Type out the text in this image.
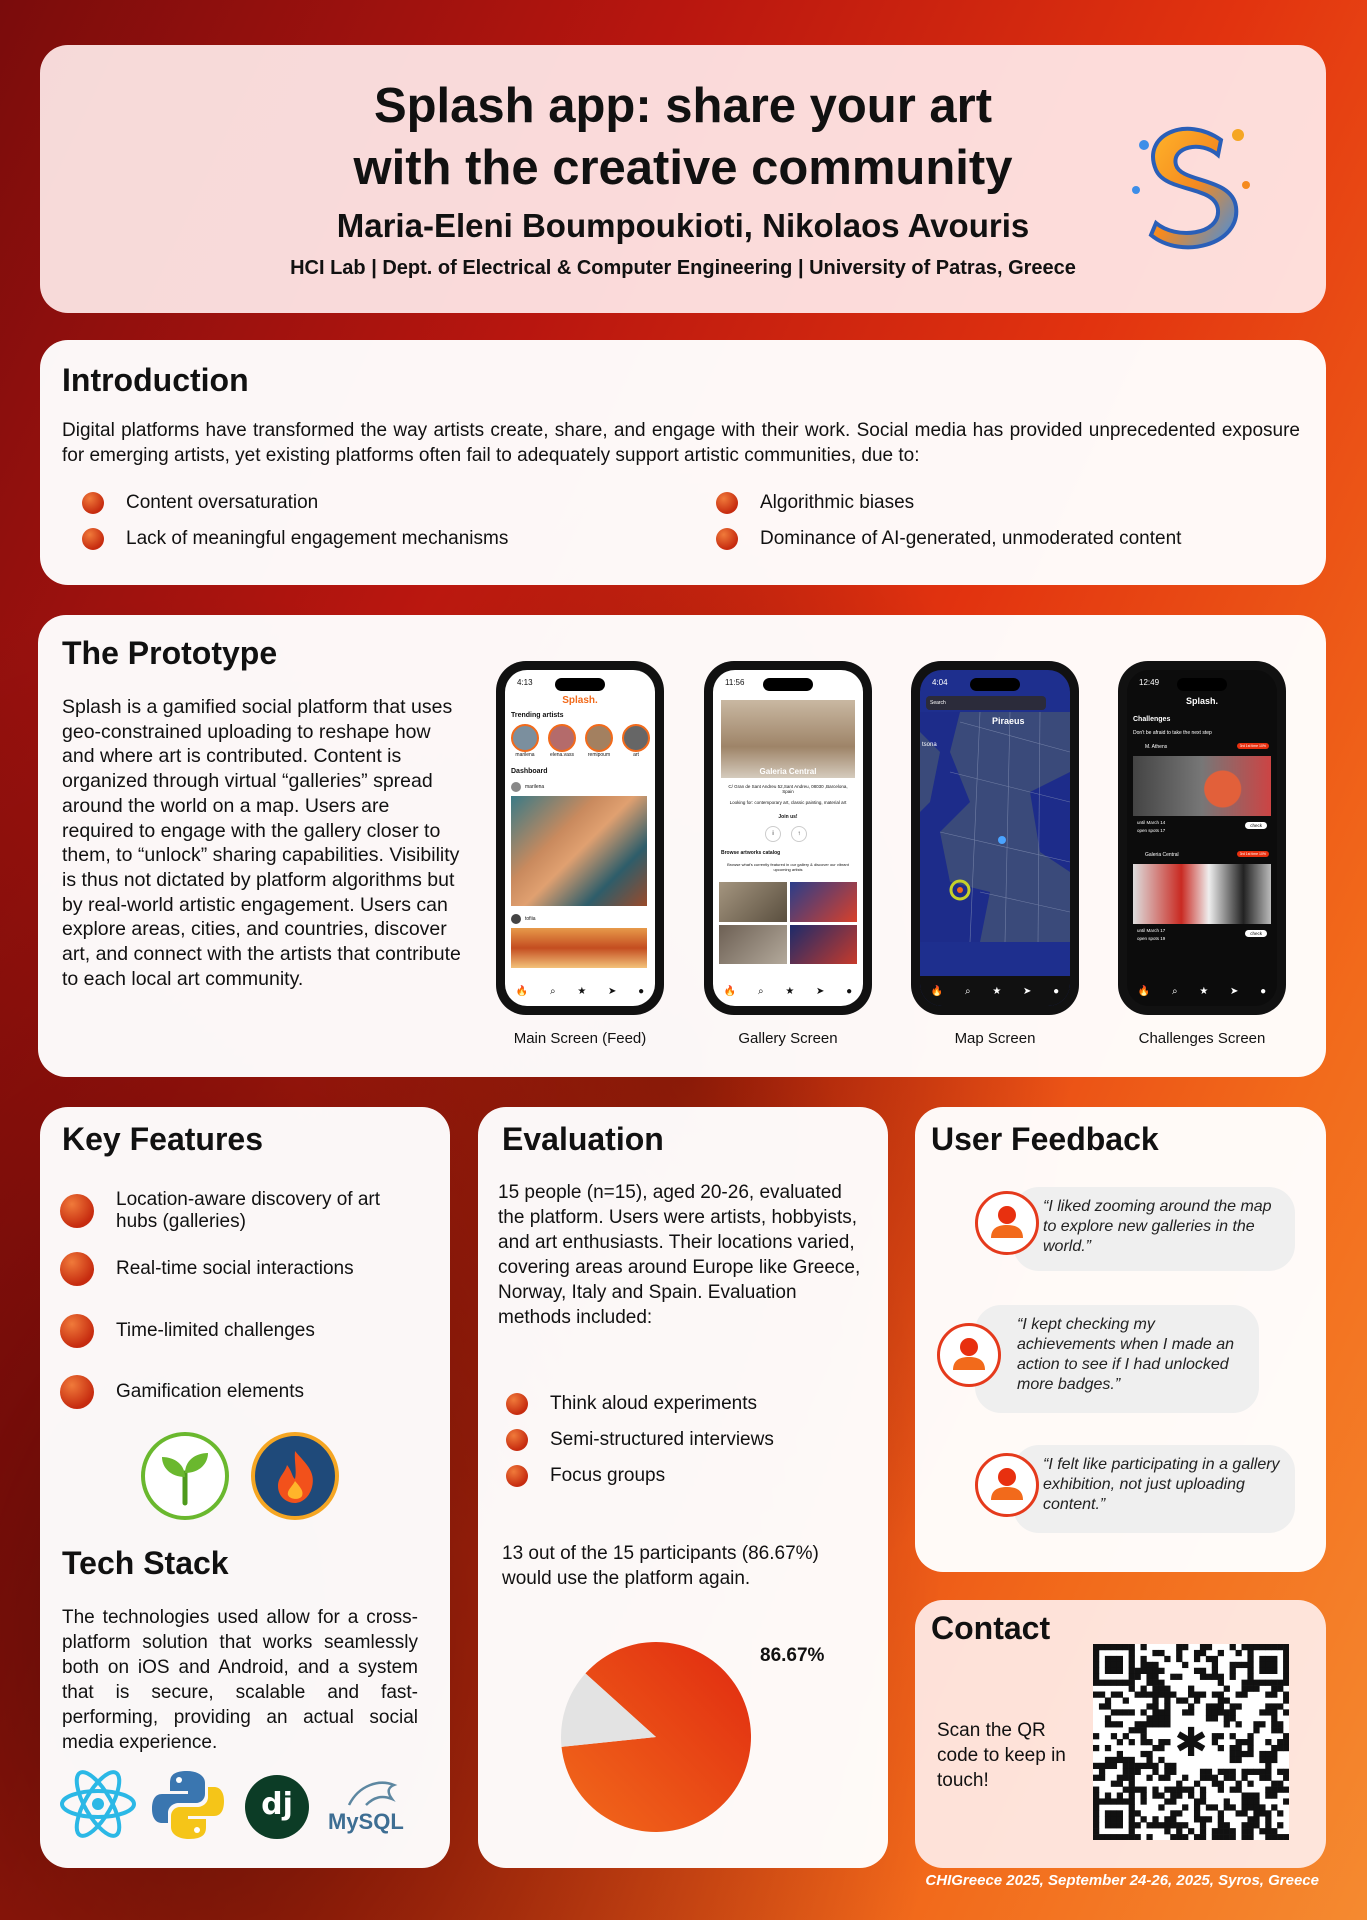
Splash app: share your art
with the creative community
Maria-Eleni Boumpoukioti, Nikolaos Avouris
HCI Lab | Dept. of Electrical & Computer Engineering | University of Patras, Greece
Introduction
Digital platforms have transformed the way artists create, share, and engage with their work. Social media has provided unprecedented exposure for emerging artists, yet existing platforms often fail to adequately support artistic communities, due to:
Content oversaturation
Lack of meaningful engagement mechanisms
Algorithmic biases
Dominance of AI-generated, unmoderated content
The Prototype
Splash is a gamified social platform that uses geo-constrained uploading to reshape how and where art is contributed. Content is organized through virtual “galleries” spread around the world on a map. Users are required to engage with the gallery closer to them, to “unlock” sharing capabilities. Visibility is thus not dictated by platform algorithms but by real-world artistic engagement. Users can explore areas, cities, and countries, discover art, and connect with the artists that contribute to each local art community.
4:13
Splash.
Trending artists
marilena	elena.vass	remipoum	art
Dashboard
marilena
tofiia
🔥 ⌕ ★ ➤ ●
11:56
Galeria Central
C/ Gran de Sant Andreu 52,Sant Andreu, 08030 ,Barcelona, Spain
Looking for: contemporary art, classic painting, material art
Join us!
i	↑
Browse artworks catalog
Browse what's currently featured in our gallery & discover our vibrant upcoming artists
🔥 ⌕ ★ ➤ ●
4:04
Search
Piraeus
tsona
🔥 ⌕ ★ ➤ ●
12:49
Splash.
Challenges
Don't be afraid to take the next step
M. Athens	3rd 1st time 10%
until March 14
open spots 17
check
Galeria Central	3rd 1st time 10%
until March 17
open spots 19
check
🔥 ⌕ ★ ➤ ●
Main Screen (Feed)	Gallery Screen	Map Screen	Challenges Screen
Key Features
Location-aware discovery of art hubs (galleries)
Real-time social interactions
Time-limited challenges
Gamification elements
Tech Stack
The technologies used allow for a cross-platform solution that works seamlessly both on iOS and Android, and a system that is secure, scalable and fast-performing, providing an actual social media experience.
dj	MySQL
Evaluation
15 people (n=15), aged 20-26, evaluated the platform. Users were artists, hobbyists, and art enthusiasts. Their locations varied, covering areas around Europe like Greece, Norway, Italy and Spain. Evaluation methods included:
Think aloud experiments
Semi-structured interviews
Focus groups
13 out of the 15 participants (86.67%) would use the platform again.
86.67%
User Feedback
“I liked zooming around the map to explore new galleries in the world.”
“I kept checking my achievements when I made an action to see if I had unlocked more badges.”
“I felt like participating in a gallery exhibition, not just uploading content.”
Contact
Scan the QR code to keep in touch!
✱
CHIGreece 2025, September 24-26, 2025, Syros, Greece
